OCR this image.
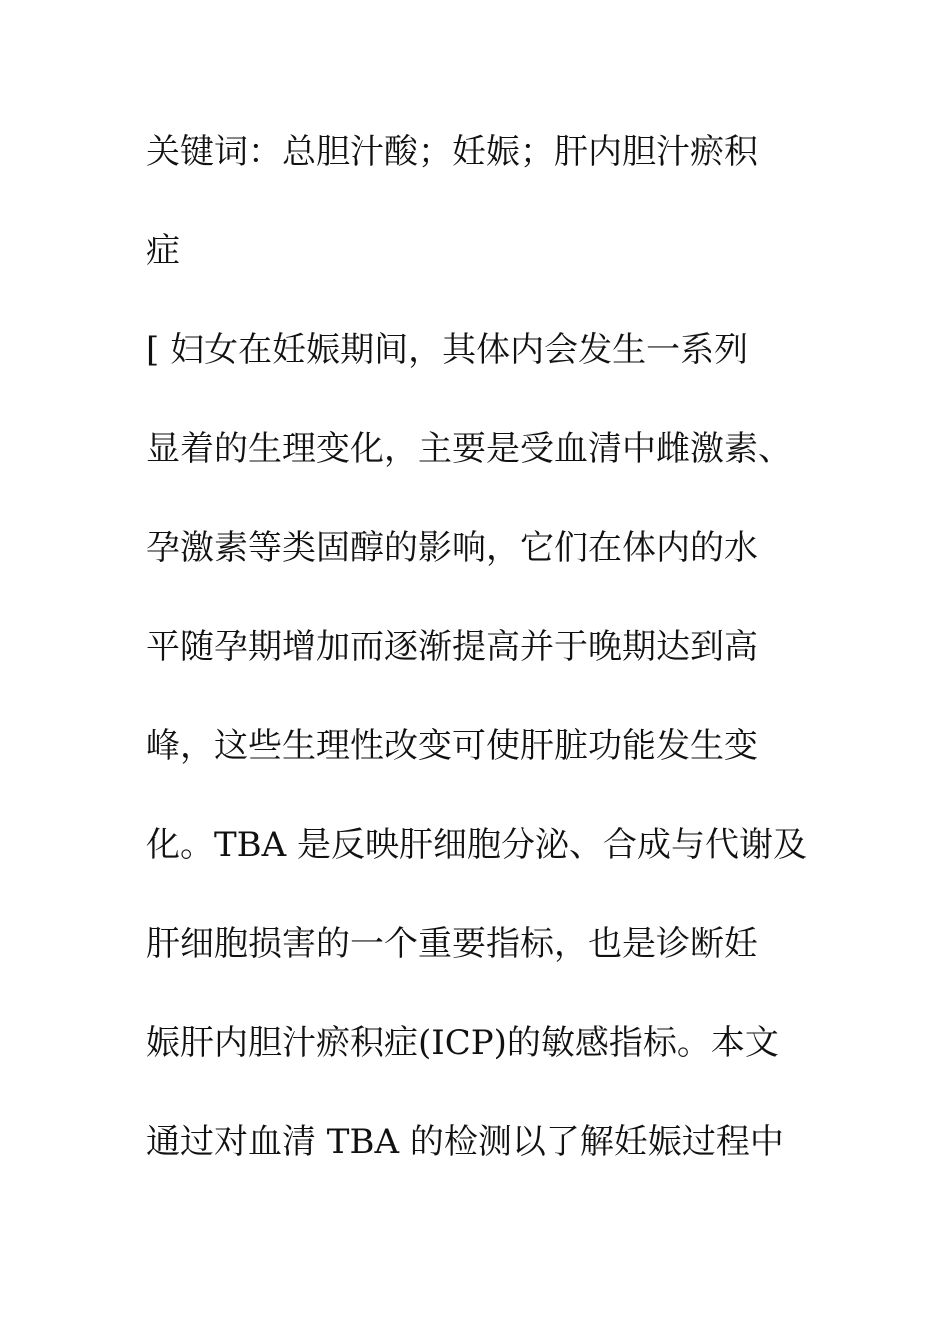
关键词：总胆汁酸；妊娠；肝内胆汁瘀积
症
[ 妇女在妊娠期间，其体内会发生一系列
显着的生理变化，主要是受血清中雌激素、
孕激素等类固醇的影响，它们在体内的水
平随孕期增加而逐渐提高并于晚期达到高
峰，这些生理性改变可使肝脏功能发生变
化。TBA 是反映肝细胞分泌、合成与代谢及
肝细胞损害的一个重要指标，也是诊断妊
娠肝内胆汁瘀积症(ICP)的敏感指标。本文
通过对血清 TBA 的检测以了解妊娠过程中
